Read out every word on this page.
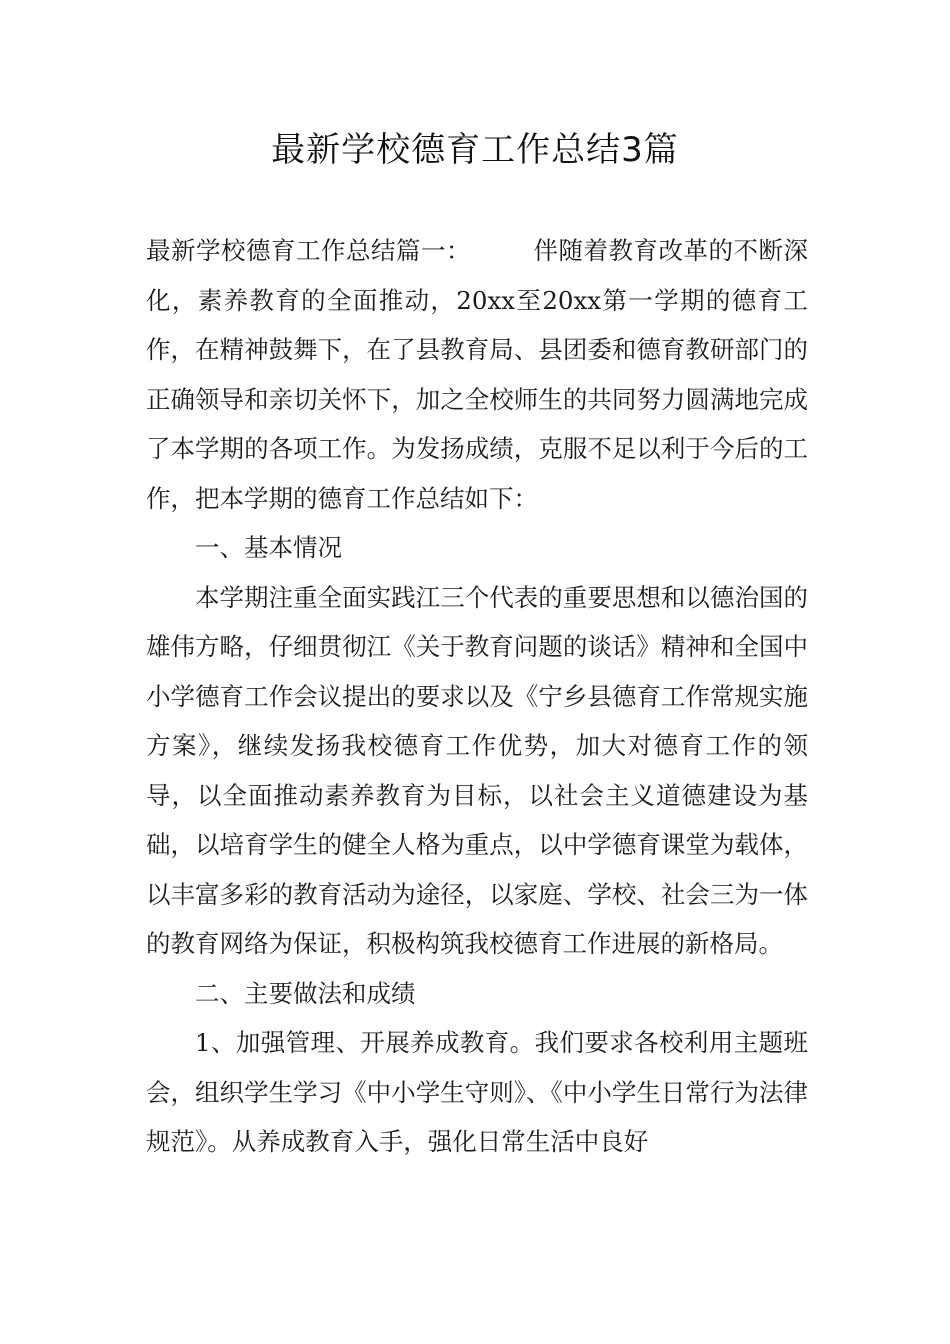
最新学校德育工作总结3篇

最新学校德育工作总结篇一：	伴随着教育改革的不断深化，素养教育的全面推动，20xx至20xx第一学期的德育工作，在精神鼓舞下，在了县教育局、县团委和德育教研部门的正确领导和亲切关怀下，加之全校师生的共同努力圆满地完成了本学期的各项工作。为发扬成绩，克服不足以利于今后的工作，把本学期的德育工作总结如下：

一、基本情况

本学期注重全面实践江三个代表的重要思想和以德治国的雄伟方略，仔细贯彻江《关于教育问题的谈话》精神和全国中小学德育工作会议提出的要求以及《宁乡县德育工作常规实施方案》，继续发扬我校德育工作优势，加大对德育工作的领导，以全面推动素养教育为目标，以社会主义道德建设为基础，以培育学生的健全人格为重点，以中学德育课堂为载体，以丰富多彩的教育活动为途径，以家庭、学校、社会三为一体的教育网络为保证，积极构筑我校德育工作进展的新格局。

二、主要做法和成绩

1、加强管理、开展养成教育。我们要求各校利用主题班会，组织学生学习《中小学生守则》、《中小学生日常行为法律规范》。从养成教育入手，强化日常生活中良好
